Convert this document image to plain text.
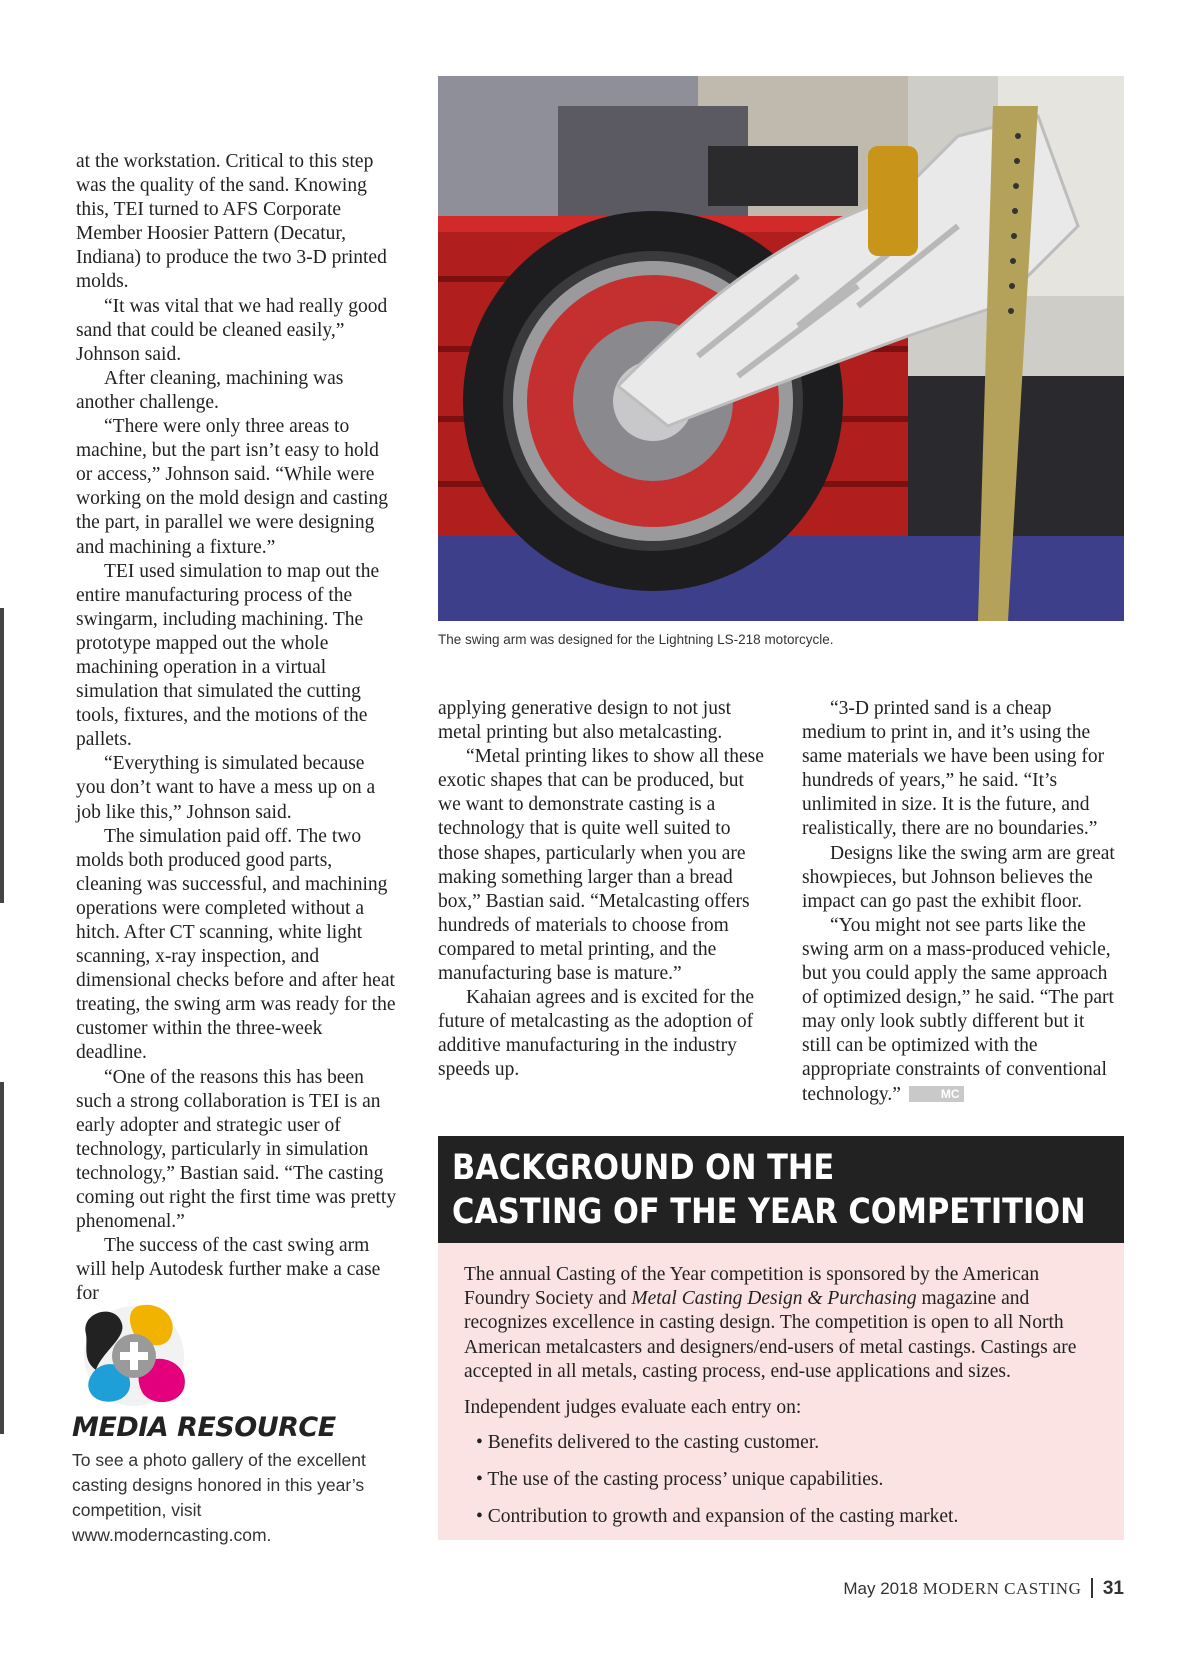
at the workstation. Critical to this step was the quality of the sand. Knowing this, TEI turned to AFS Corporate Member Hoosier Pattern (Decatur, Indiana) to produce the two 3-D printed molds.

“It was vital that we had really good sand that could be cleaned easily,” Johnson said.

After cleaning, machining was another challenge.

“There were only three areas to machine, but the part isn’t easy to hold or access,” Johnson said. “While were working on the mold design and casting the part, in parallel we were designing and machining a fixture.”

TEI used simulation to map out the entire manufacturing process of the swingarm, including machining. The prototype mapped out the whole machining operation in a virtual simulation that simulated the cutting tools, fixtures, and the motions of the pallets.

“Everything is simulated because you don’t want to have a mess up on a job like this,” Johnson said.

The simulation paid off. The two molds both produced good parts, cleaning was successful, and machining operations were completed without a hitch. After CT scanning, white light scanning, x-ray inspection, and dimensional checks before and after heat treating, the swing arm was ready for the customer within the three-week deadline.

“One of the reasons this has been such a strong collaboration is TEI is an early adopter and strategic user of technology, particularly in simulation technology,” Bastian said. “The casting coming out right the first time was pretty phenomenal.”

The success of the cast swing arm will help Autodesk further make a case for

The swing arm was designed for the Lightning LS-218 motorcycle.

applying generative design to not just metal printing but also metalcasting.

“Metal printing likes to show all these exotic shapes that can be produced, but we want to demonstrate casting is a technology that is quite well suited to those shapes, particularly when you are making something larger than a bread box,” Bastian said. “Metalcasting offers hundreds of materials to choose from compared to metal printing, and the manufacturing base is mature.”

Kahaian agrees and is excited for the future of metalcasting as the adoption of additive manufacturing in the industry speeds up.

“3-D printed sand is a cheap medium to print in, and it’s using the same materials we have been using for hundreds of years,” he said. “It’s unlimited in size. It is the future, and realistically, there are no boundaries.”

Designs like the swing arm are great showpieces, but Johnson believes the impact can go past the exhibit floor.

“You might not see parts like the swing arm on a mass-produced vehicle, but you could apply the same approach of optimized design,” he said. “The part may only look subtly different but it still can be optimized with the appropriate constraints of conventional technology.”	MC

BACKGROUND ON THE
CASTING OF THE YEAR COMPETITION

The annual Casting of the Year competition is sponsored by the American Foundry Society and Metal Casting Design & Purchasing magazine and recognizes excellence in casting design. The competition is open to all North American metalcasters and designers/end-users of metal castings. Castings are accepted in all metals, casting process, end-use applications and sizes.

Independent judges evaluate each entry on:

• Benefits delivered to the casting customer.
• The use of the casting process’ unique capabilities.
• Contribution to growth and expansion of the casting market.
MEDIA RESOURCE
To see a photo gallery of the excellent casting designs honored in this year’s competition, visit www.moderncasting.com.
May 2018 MODERN CASTING 31
